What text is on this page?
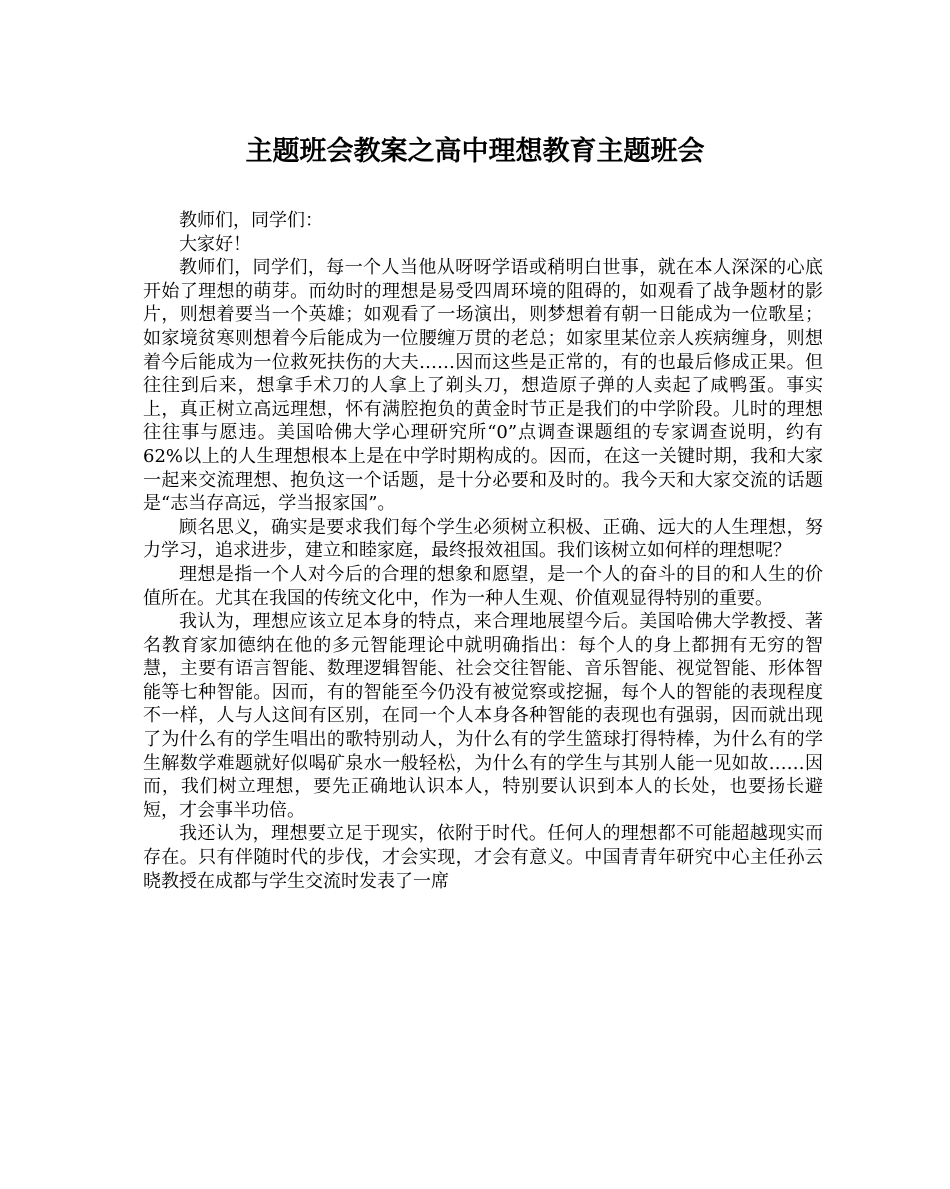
主题班会教案之高中理想教育主题班会

教师们，同学们：

大家好！

教师们，同学们，每一个人当他从呀呀学语或稍明白世事，就在本人深深的心底开始了理想的萌芽。而幼时的理想是易受四周环境的阻碍的，如观看了战争题材的影片，则想着要当一个英雄；如观看了一场演出，则梦想着有朝一日能成为一位歌星；如家境贫寒则想着今后能成为一位腰缠万贯的老总；如家里某位亲人疾病缠身，则想着今后能成为一位救死扶伤的大夫……因而这些是正常的，有的也最后修成正果。但往往到后来，想拿手术刀的人拿上了剃头刀，想造原子弹的人卖起了咸鸭蛋。事实上，真正树立高远理想，怀有满腔抱负的黄金时节正是我们的中学阶段。儿时的理想往往事与愿违。美国哈佛大学心理研究所“0”点调查课题组的专家调查说明，约有62%以上的人生理想根本上是在中学时期构成的。因而，在这一关键时期，我和大家一起来交流理想、抱负这一个话题，是十分必要和及时的。我今天和大家交流的话题是“志当存高远，学当报家国”。

顾名思义，确实是要求我们每个学生必须树立积极、正确、远大的人生理想，努力学习，追求进步，建立和睦家庭，最终报效祖国。我们该树立如何样的理想呢？

理想是指一个人对今后的合理的想象和愿望，是一个人的奋斗的目的和人生的价值所在。尤其在我国的传统文化中，作为一种人生观、价值观显得特别的重要。

我认为，理想应该立足本身的特点，来合理地展望今后。美国哈佛大学教授、著名教育家加德纳在他的多元智能理论中就明确指出：每个人的身上都拥有无穷的智慧，主要有语言智能、数理逻辑智能、社会交往智能、音乐智能、视觉智能、形体智能等七种智能。因而，有的智能至今仍没有被觉察或挖掘，每个人的智能的表现程度不一样，人与人这间有区别，在同一个人本身各种智能的表现也有强弱，因而就出现了为什么有的学生唱出的歌特别动人，为什么有的学生篮球打得特棒，为什么有的学生解数学难题就好似喝矿泉水一般轻松，为什么有的学生与其别人能一见如故……因而，我们树立理想，要先正确地认识本人，特别要认识到本人的长处，也要扬长避短，才会事半功倍。

我还认为，理想要立足于现实，依附于时代。任何人的理想都不可能超越现实而存在。只有伴随时代的步伐，才会实现，才会有意义。中国青青年研究中心主任孙云晓教授在成都与学生交流时发表了一席
